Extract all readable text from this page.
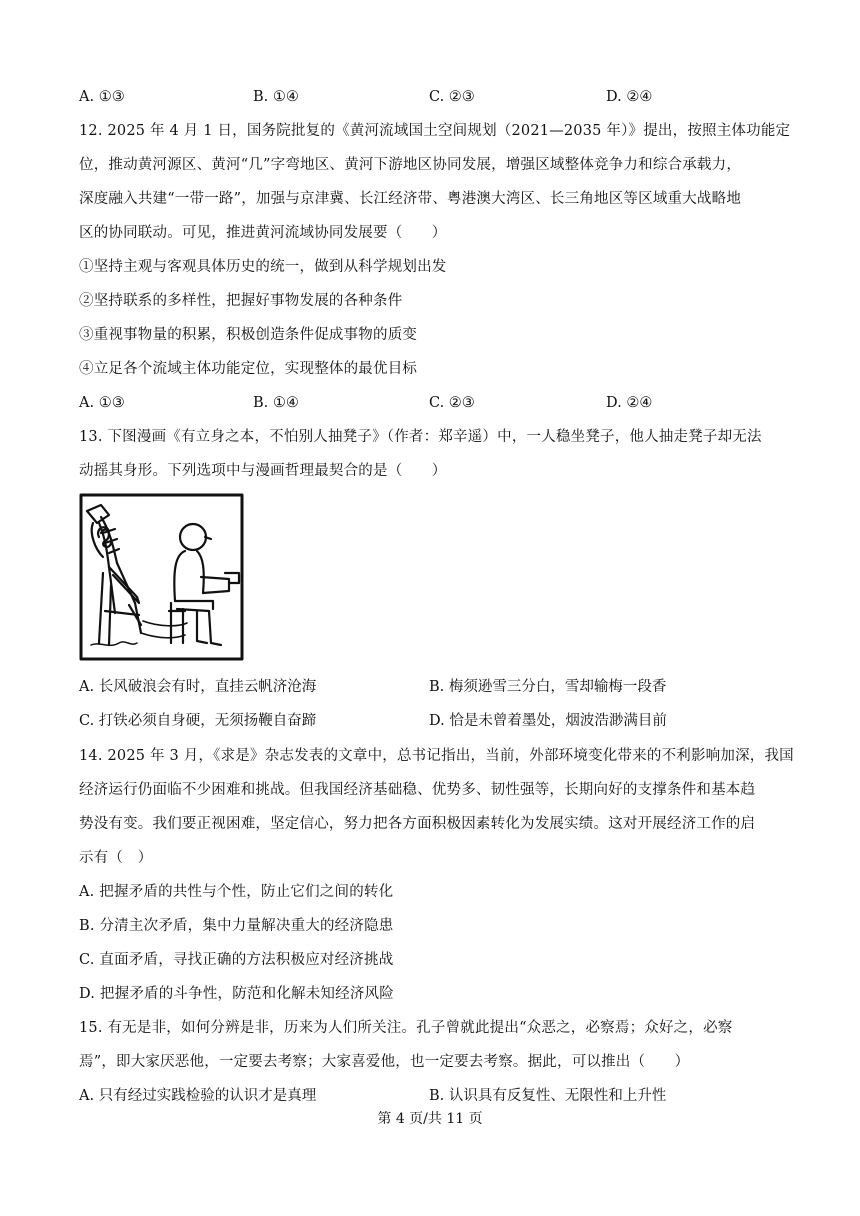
A. ①③	B. ①④	C. ②③	D. ②④
12. 2025 年 4 月 1 日，国务院批复的《黄河流域国土空间规划（2021—2035 年）》提出，按照主体功能定
位，推动黄河源区、黄河“几”字弯地区、黄河下游地区协同发展，增强区域整体竞争力和综合承载力，
深度融入共建“一带一路”，加强与京津冀、长江经济带、粤港澳大湾区、长三角地区等区域重大战略地
区的协同联动。可见，推进黄河流域协同发展要（　　）
①坚持主观与客观具体历史的统一，做到从科学规划出发
②坚持联系的多样性，把握好事物发展的各种条件
③重视事物量的积累，积极创造条件促成事物的质变
④立足各个流域主体功能定位，实现整体的最优目标
A. ①③	B. ①④	C. ②③	D. ②④
13. 下图漫画《有立身之本，不怕别人抽凳子》（作者：郑辛遥）中，一人稳坐凳子，他人抽走凳子却无法
动摇其身形。下列选项中与漫画哲理最契合的是（　　）
A. 长风破浪会有时，直挂云帆济沧海	B. 梅须逊雪三分白，雪却输梅一段香
C. 打铁必须自身硬，无须扬鞭自奋蹄	D. 恰是未曾着墨处，烟波浩渺满目前
14. 2025 年 3 月，《求是》杂志发表的文章中，总书记指出，当前，外部环境变化带来的不利影响加深，我国
经济运行仍面临不少困难和挑战。但我国经济基础稳、优势多、韧性强等，长期向好的支撑条件和基本趋
势没有变。我们要正视困难，坚定信心，努力把各方面积极因素转化为发展实绩。这对开展经济工作的启
示有（　）
A. 把握矛盾的共性与个性，防止它们之间的转化
B. 分清主次矛盾，集中力量解决重大的经济隐患
C. 直面矛盾，寻找正确的方法积极应对经济挑战
D. 把握矛盾的斗争性，防范和化解未知经济风险
15. 有无是非，如何分辨是非，历来为人们所关注。孔子曾就此提出“众恶之，必察焉；众好之，必察
焉”，即大家厌恶他，一定要去考察；大家喜爱他，也一定要去考察。据此，可以推出（　　）
A. 只有经过实践检验的认识才是真理	B. 认识具有反复性、无限性和上升性
第 4 页/共 11 页
